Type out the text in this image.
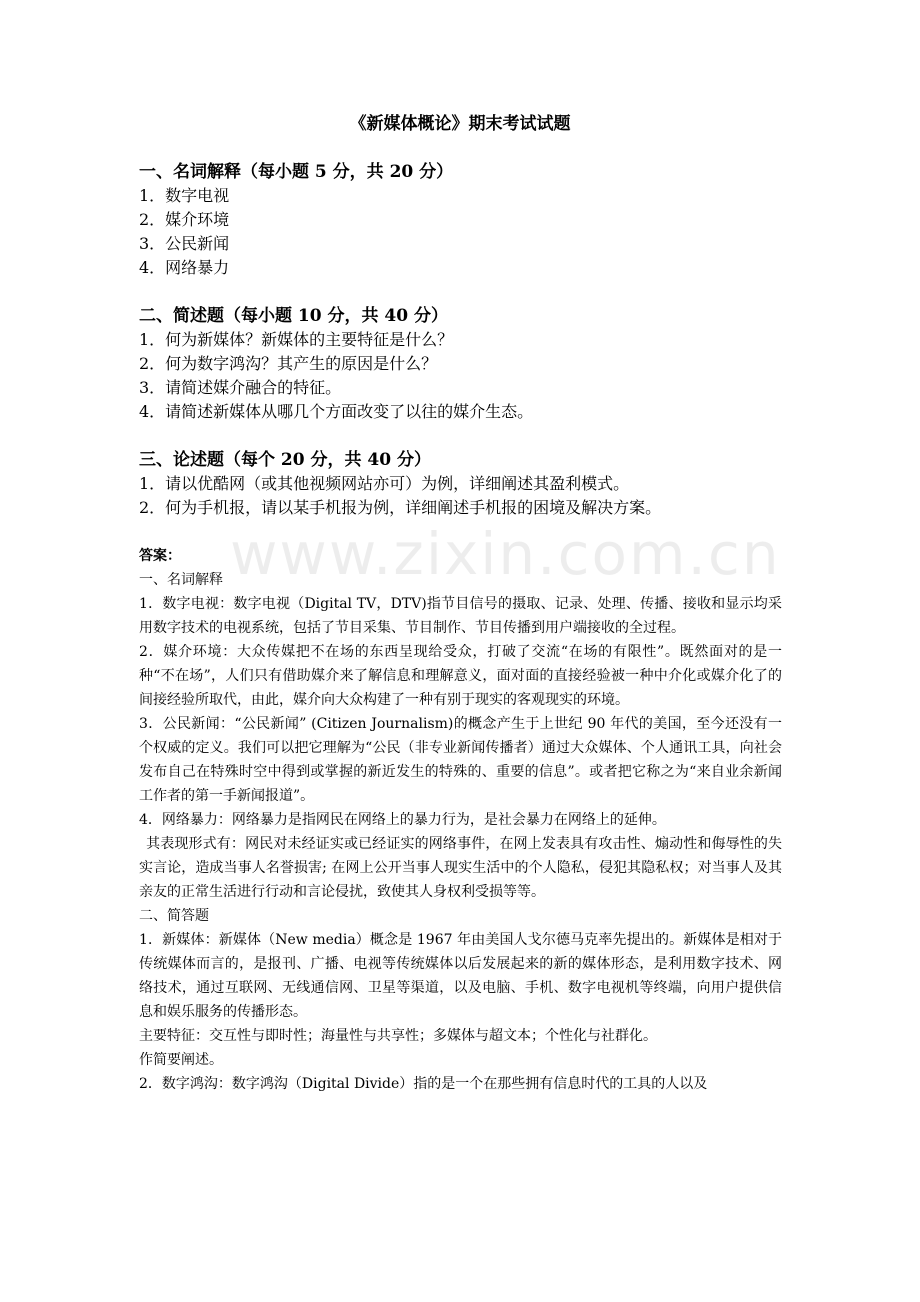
www.zixin.com.cn
《新媒体概论》期末考试试题
一、名词解释（每小题 5 分，共 20 分）
1．数字电视
2．媒介环境
3．公民新闻
4．网络暴力
二、简述题（每小题 10 分，共 40 分）
1．何为新媒体？新媒体的主要特征是什么？
2．何为数字鸿沟？其产生的原因是什么？
3．请简述媒介融合的特征。
4．请简述新媒体从哪几个方面改变了以往的媒介生态。
三、论述题（每个 20 分，共 40 分）
1．请以优酷网（或其他视频网站亦可）为例，详细阐述其盈利模式。
2．何为手机报，请以某手机报为例，详细阐述手机报的困境及解决方案。
答案：
一、名词解释

1．数字电视：数字电视（Digital TV，DTV)指节目信号的摄取、记录、处理、传播、接收和显示均采用数字技术的电视系统，包括了节目采集、节目制作、节目传播到用户端接收的全过程。

2．媒介环境：大众传媒把不在场的东西呈现给受众，打破了交流“在场的有限性”。既然面对的是一种“不在场”，人们只有借助媒介来了解信息和理解意义，面对面的直接经验被一种中介化或媒介化了的间接经验所取代，由此，媒介向大众构建了一种有别于现实的客观现实的环境。

3．公民新闻：“公民新闻” (Citizen Journalism)的概念产生于上世纪 90 年代的美国，至今还没有一个权威的定义。我们可以把它理解为“公民（非专业新闻传播者）通过大众媒体、个人通讯工具，向社会发布自己在特殊时空中得到或掌握的新近发生的特殊的、重要的信息”。或者把它称之为“来自业余新闻工作者的第一手新闻报道”。

4．网络暴力：网络暴力是指网民在网络上的暴力行为，是社会暴力在网络上的延伸。

其表现形式有：网民对未经证实或已经证实的网络事件，在网上发表具有攻击性、煽动性和侮辱性的失实言论，造成当事人名誉损害; 在网上公开当事人现实生活中的个人隐私，侵犯其隐私权；对当事人及其亲友的正常生活进行行动和言论侵扰，致使其人身权利受损等等。

二、简答题

1．新媒体：新媒体（New media）概念是 1967 年由美国人戈尔德马克率先提出的。新媒体是相对于传统媒体而言的，是报刊、广播、电视等传统媒体以后发展起来的新的媒体形态，是利用数字技术、网络技术，通过互联网、无线通信网、卫星等渠道，以及电脑、手机、数字电视机等终端，向用户提供信息和娱乐服务的传播形态。

主要特征：交互性与即时性；海量性与共享性；多媒体与超文本；个性化与社群化。

作简要阐述。

2．数字鸿沟：数字鸿沟（Digital Divide）指的是一个在那些拥有信息时代的工具的人以及
